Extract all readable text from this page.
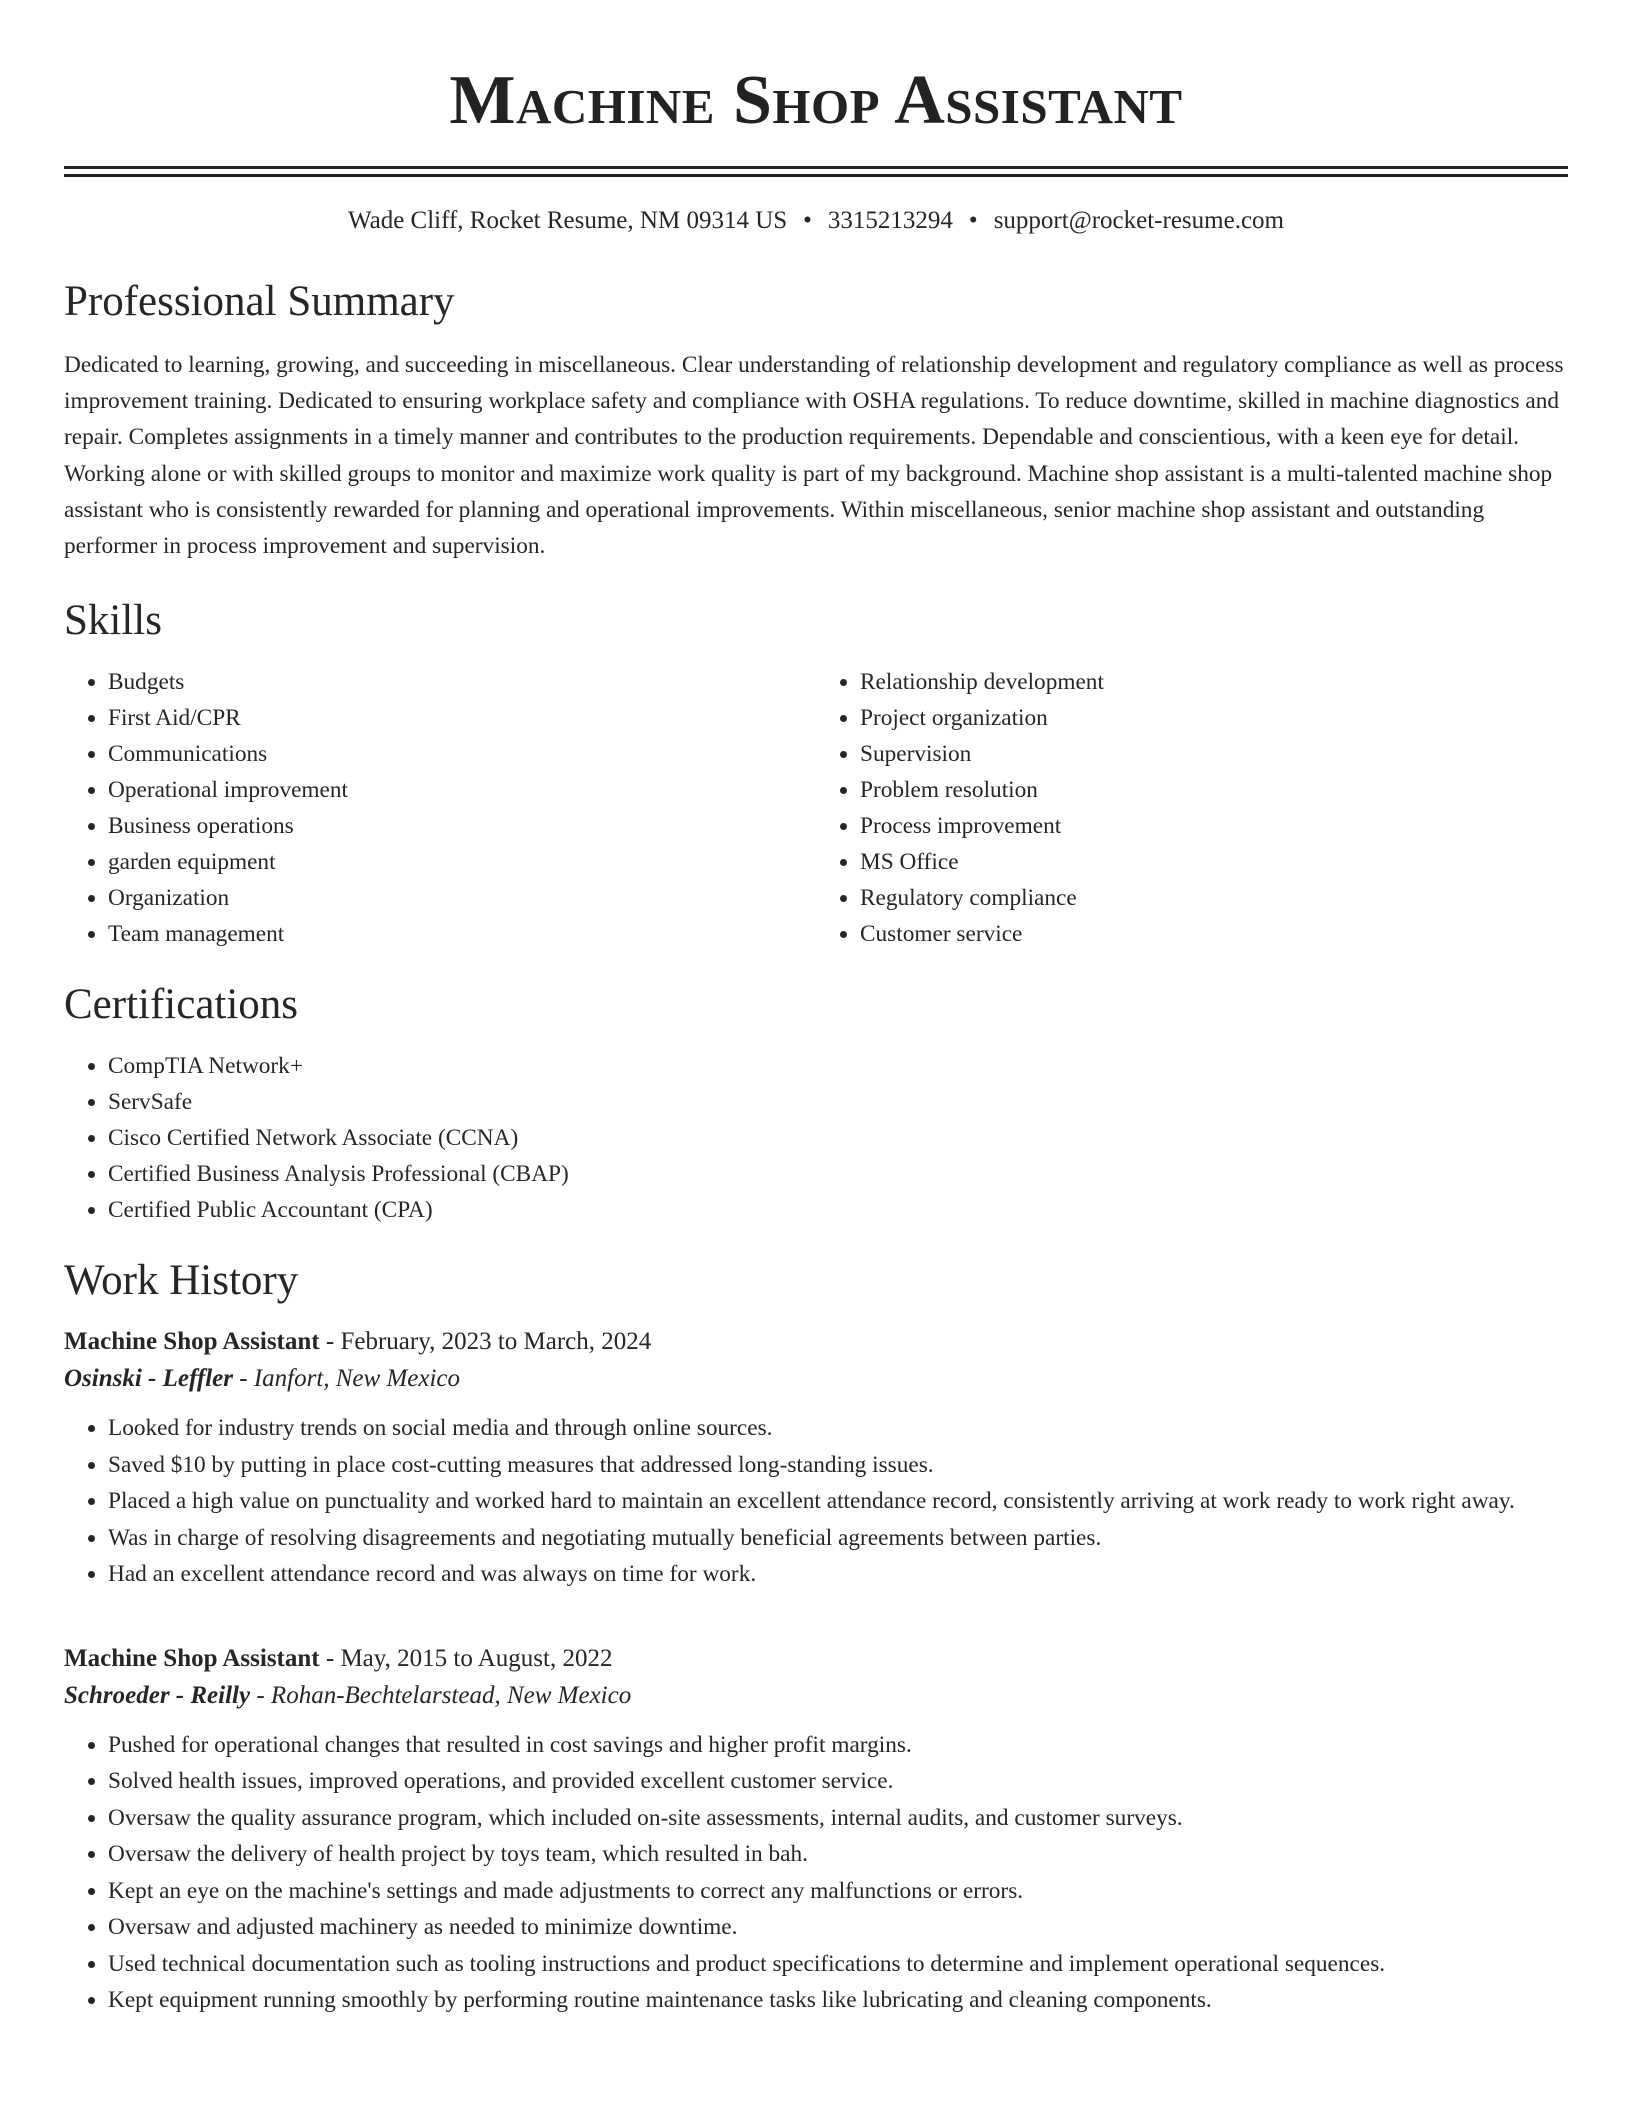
Machine Shop Assistant
Wade Cliff, Rocket Resume, NM 09314 US • 3315213294 • support@rocket-resume.com
Professional Summary

Dedicated to learning, growing, and succeeding in miscellaneous. Clear understanding of relationship development and regulatory compliance as well as process improvement training. Dedicated to ensuring workplace safety and compliance with OSHA regulations. To reduce downtime, skilled in machine diagnostics and repair. Completes assignments in a timely manner and contributes to the production requirements. Dependable and conscientious, with a keen eye for detail. Working alone or with skilled groups to monitor and maximize work quality is part of my background. Machine shop assistant is a multi-talented machine shop assistant who is consistently rewarded for planning and operational improvements. Within miscellaneous, senior machine shop assistant and outstanding performer in process improvement and supervision.

Skills
• Budgets
• First Aid/CPR
• Communications
• Operational improvement
• Business operations
• garden equipment
• Organization
• Team management
• Relationship development
• Project organization
• Supervision
• Problem resolution
• Process improvement
• MS Office
• Regulatory compliance
• Customer service
Certifications
• CompTIA Network+
• ServSafe
• Cisco Certified Network Associate (CCNA)
• Certified Business Analysis Professional (CBAP)
• Certified Public Accountant (CPA)
Work History
Machine Shop Assistant - February, 2023 to March, 2024
Osinski - Leffler - Ianfort, New Mexico
• Looked for industry trends on social media and through online sources.
• Saved $10 by putting in place cost-cutting measures that addressed long-standing issues.
• Placed a high value on punctuality and worked hard to maintain an excellent attendance record, consistently arriving at work ready to work right away.
• Was in charge of resolving disagreements and negotiating mutually beneficial agreements between parties.
• Had an excellent attendance record and was always on time for work.
Machine Shop Assistant - May, 2015 to August, 2022
Schroeder - Reilly - Rohan-Bechtelarstead, New Mexico
• Pushed for operational changes that resulted in cost savings and higher profit margins.
• Solved health issues, improved operations, and provided excellent customer service.
• Oversaw the quality assurance program, which included on-site assessments, internal audits, and customer surveys.
• Oversaw the delivery of health project by toys team, which resulted in bah.
• Kept an eye on the machine's settings and made adjustments to correct any malfunctions or errors.
• Oversaw and adjusted machinery as needed to minimize downtime.
• Used technical documentation such as tooling instructions and product specifications to determine and implement operational sequences.
• Kept equipment running smoothly by performing routine maintenance tasks like lubricating and cleaning components.
